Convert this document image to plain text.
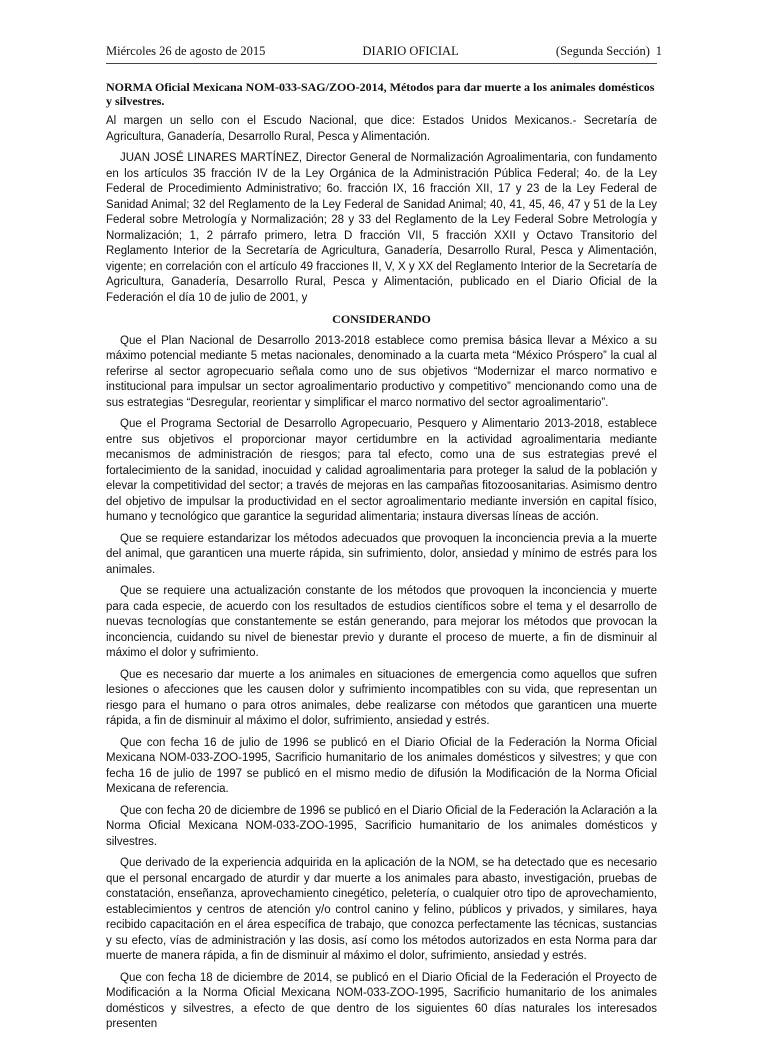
Miércoles 26 de agosto de 2015	DIARIO OFICIAL	(Segunda Sección) 1
NORMA Oficial Mexicana NOM-033-SAG/ZOO-2014, Métodos para dar muerte a los animales domésticos y silvestres.

Al margen un sello con el Escudo Nacional, que dice: Estados Unidos Mexicanos.- Secretaría de Agricultura, Ganadería, Desarrollo Rural, Pesca y Alimentación.

JUAN JOSÉ LINARES MARTÍNEZ, Director General de Normalización Agroalimentaria, con fundamento en los artículos 35 fracción IV de la Ley Orgánica de la Administración Pública Federal; 4o. de la Ley Federal de Procedimiento Administrativo; 6o. fracción IX, 16 fracción XII, 17 y 23 de la Ley Federal de Sanidad Animal; 32 del Reglamento de la Ley Federal de Sanidad Animal; 40, 41, 45, 46, 47 y 51 de la Ley Federal sobre Metrología y Normalización; 28 y 33 del Reglamento de la Ley Federal Sobre Metrología y Normalización; 1, 2 párrafo primero, letra D fracción VII, 5 fracción XXII y Octavo Transitorio del Reglamento Interior de la Secretaría de Agricultura, Ganadería, Desarrollo Rural, Pesca y Alimentación, vigente; en correlación con el artículo 49 fracciones II, V, X y XX del Reglamento Interior de la Secretaría de Agricultura, Ganadería, Desarrollo Rural, Pesca y Alimentación, publicado en el Diario Oficial de la Federación el día 10 de julio de 2001, y

CONSIDERANDO

Que el Plan Nacional de Desarrollo 2013-2018 establece como premisa básica llevar a México a su máximo potencial mediante 5 metas nacionales, denominado a la cuarta meta “México Próspero” la cual al referirse al sector agropecuario señala como uno de sus objetivos “Modernizar el marco normativo e institucional para impulsar un sector agroalimentario productivo y competitivo” mencionando como una de sus estrategias “Desregular, reorientar y simplificar el marco normativo del sector agroalimentario”.

Que el Programa Sectorial de Desarrollo Agropecuario, Pesquero y Alimentario 2013-2018, establece entre sus objetivos el proporcionar mayor certidumbre en la actividad agroalimentaria mediante mecanismos de administración de riesgos; para tal efecto, como una de sus estrategias prevé el fortalecimiento de la sanidad, inocuidad y calidad agroalimentaria para proteger la salud de la población y elevar la competitividad del sector; a través de mejoras en las campañas fitozoosanitarias. Asimismo dentro del objetivo de impulsar la productividad en el sector agroalimentario mediante inversión en capital físico, humano y tecnológico que garantice la seguridad alimentaria; instaura diversas líneas de acción.

Que se requiere estandarizar los métodos adecuados que provoquen la inconciencia previa a la muerte del animal, que garanticen una muerte rápida, sin sufrimiento, dolor, ansiedad y mínimo de estrés para los animales.

Que se requiere una actualización constante de los métodos que provoquen la inconciencia y muerte para cada especie, de acuerdo con los resultados de estudios científicos sobre el tema y el desarrollo de nuevas tecnologías que constantemente se están generando, para mejorar los métodos que provocan la inconciencia, cuidando su nivel de bienestar previo y durante el proceso de muerte, a fin de disminuir al máximo el dolor y sufrimiento.

Que es necesario dar muerte a los animales en situaciones de emergencia como aquellos que sufren lesiones o afecciones que les causen dolor y sufrimiento incompatibles con su vida, que representan un riesgo para el humano o para otros animales, debe realizarse con métodos que garanticen una muerte rápida, a fin de disminuir al máximo el dolor, sufrimiento, ansiedad y estrés.

Que con fecha 16 de julio de 1996 se publicó en el Diario Oficial de la Federación la Norma Oficial Mexicana NOM-033-ZOO-1995, Sacrificio humanitario de los animales domésticos y silvestres; y que con fecha 16 de julio de 1997 se publicó en el mismo medio de difusión la Modificación de la Norma Oficial Mexicana de referencia.

Que con fecha 20 de diciembre de 1996 se publicó en el Diario Oficial de la Federación la Aclaración a la Norma Oficial Mexicana NOM-033-ZOO-1995, Sacrificio humanitario de los animales domésticos y silvestres.

Que derivado de la experiencia adquirida en la aplicación de la NOM, se ha detectado que es necesario que el personal encargado de aturdir y dar muerte a los animales para abasto, investigación, pruebas de constatación, enseñanza, aprovechamiento cinegético, peletería, o cualquier otro tipo de aprovechamiento, establecimientos y centros de atención y/o control canino y felino, públicos y privados, y similares, haya recibido capacitación en el área específica de trabajo, que conozca perfectamente las técnicas, sustancias y su efecto, vías de administración y las dosis, así como los métodos autorizados en esta Norma para dar muerte de manera rápida, a fin de disminuir al máximo el dolor, sufrimiento, ansiedad y estrés.

Que con fecha 18 de diciembre de 2014, se publicó en el Diario Oficial de la Federación el Proyecto de Modificación a la Norma Oficial Mexicana NOM-033-ZOO-1995, Sacrificio humanitario de los animales domésticos y silvestres, a efecto de que dentro de los siguientes 60 días naturales los interesados presenten
